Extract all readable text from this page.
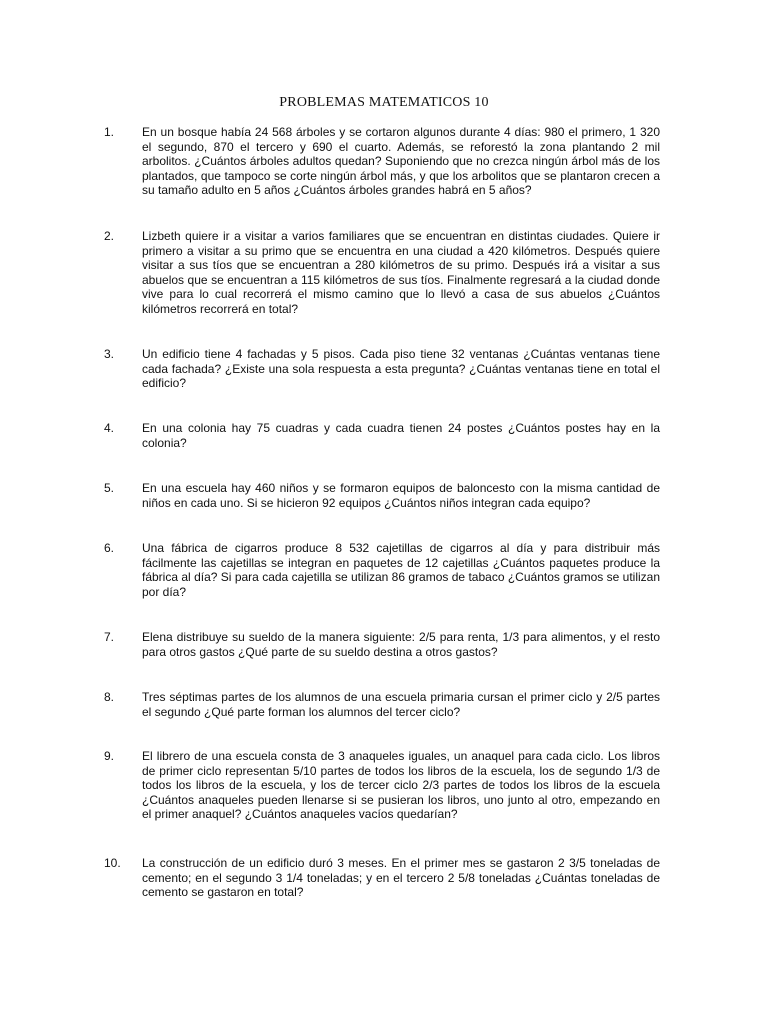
PROBLEMAS MATEMATICOS 10
1. En un bosque había 24 568 árboles y se cortaron algunos durante 4 días: 980 el primero, 1 320 el segundo, 870 el tercero y 690 el cuarto. Además, se reforestó la zona plantando 2 mil arbolitos. ¿Cuántos árboles adultos quedan? Suponiendo que no crezca ningún árbol más de los plantados, que tampoco se corte ningún árbol más, y que los arbolitos que se plantaron crecen a su tamaño adulto en 5 años ¿Cuántos árboles grandes habrá en 5 años?
2. Lizbeth quiere ir a visitar a varios familiares que se encuentran en distintas ciudades. Quiere ir primero a visitar a su primo que se encuentra en una ciudad a 420 kilómetros. Después quiere visitar a sus tíos que se encuentran a 280 kilómetros de su primo. Después irá a visitar a sus abuelos que se encuentran a 115 kilómetros de sus tíos. Finalmente regresará a la ciudad donde vive para lo cual recorrerá el mismo camino que lo llevó a casa de sus abuelos ¿Cuántos kilómetros recorrerá en total?
3. Un edificio tiene 4 fachadas y 5 pisos. Cada piso tiene 32 ventanas ¿Cuántas ventanas tiene cada fachada? ¿Existe una sola respuesta a esta pregunta? ¿Cuántas ventanas tiene en total el edificio?
4. En una colonia hay 75 cuadras y cada cuadra tienen 24 postes ¿Cuántos postes hay en la colonia?
5. En una escuela hay 460 niños y se formaron equipos de baloncesto con la misma cantidad de niños en cada uno. Si se hicieron 92 equipos ¿Cuántos niños integran cada equipo?
6. Una fábrica de cigarros produce 8 532 cajetillas de cigarros al día y para distribuir más fácilmente las cajetillas se integran en paquetes de 12 cajetillas ¿Cuántos paquetes produce la fábrica al día? Si para cada cajetilla se utilizan 86 gramos de tabaco ¿Cuántos gramos se utilizan por día?
7. Elena distribuye su sueldo de la manera siguiente: 2/5 para renta, 1/3 para alimentos, y el resto para otros gastos ¿Qué parte de su sueldo destina a otros gastos?
8. Tres séptimas partes de los alumnos de una escuela primaria cursan el primer ciclo y 2/5 partes el segundo ¿Qué parte forman los alumnos del tercer ciclo?
9. El librero de una escuela consta de 3 anaqueles iguales, un anaquel para cada ciclo. Los libros de primer ciclo representan 5/10 partes de todos los libros de la escuela, los de segundo 1/3 de todos los libros de la escuela, y los de tercer ciclo 2/3 partes de todos los libros de la escuela ¿Cuántos anaqueles pueden llenarse si se pusieran los libros, uno junto al otro, empezando en el primer anaquel? ¿Cuántos anaqueles vacíos quedarían?
10. La construcción de un edificio duró 3 meses. En el primer mes se gastaron 2 3/5 toneladas de cemento; en el segundo 3 1/4 toneladas; y en el tercero 2 5/8 toneladas ¿Cuántas toneladas de cemento se gastaron en total?
